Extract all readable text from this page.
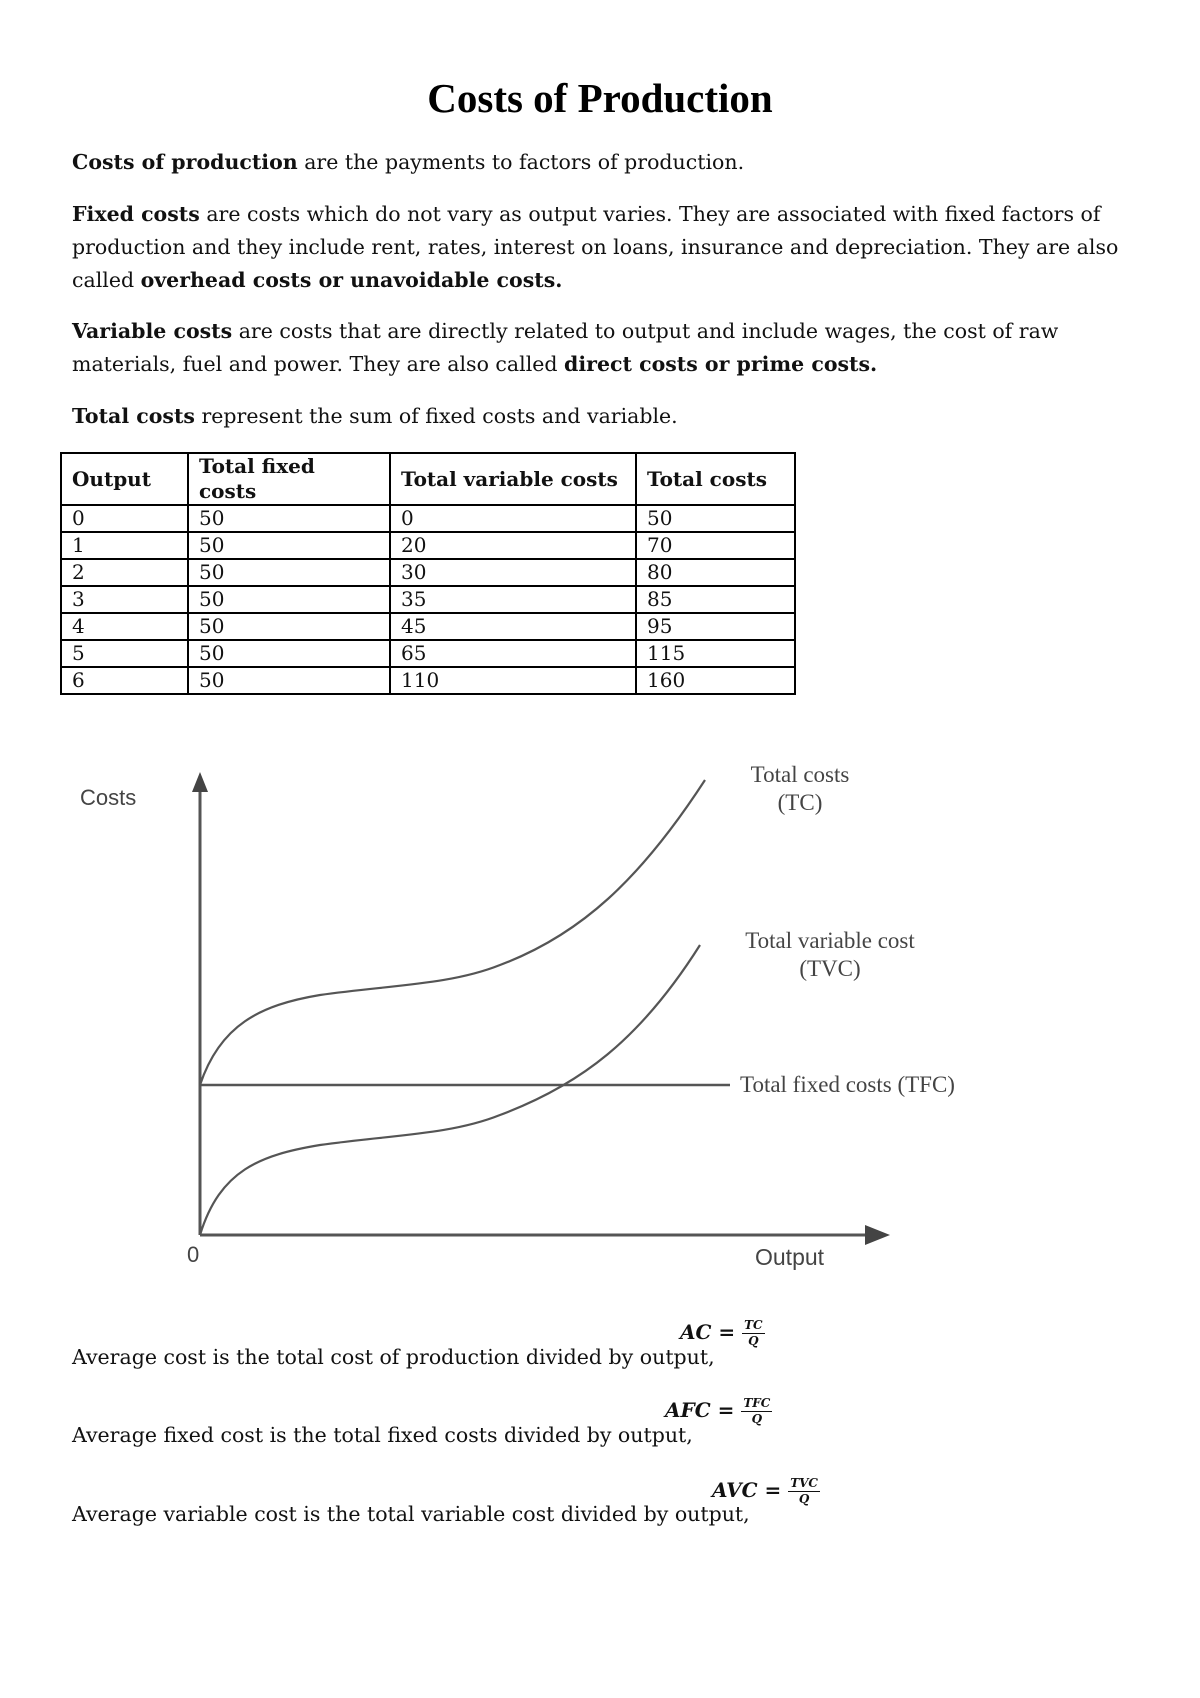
Costs of Production

Costs of production are the payments to factors of production.

Fixed costs are costs which do not vary as output varies. They are associated with fixed factors of production and they include rent, rates, interest on loans, insurance and depreciation. They are also called overhead costs or unavoidable costs.

Variable costs are costs that are directly related to output and include wages, the cost of raw materials, fuel and power. They are also called direct costs or prime costs.

Total costs represent the sum of fixed costs and variable.

Output	Total fixed costs	Total variable costs	Total costs
0	50	0	50
1	50	20	70
2	50	30	80
3	50	35	85
4	50	45	95
5	50	65	115
6	50	110	160
Costs
0	Output
Total costs
(TC)
Total variable cost
(TVC)
Total fixed costs (TFC)
AC = $\frac{TC}{Q}$
Average cost is the total cost of production divided by output,
AFC = $\frac{\text{TFC}}{Q}$
Average fixed cost is the total fixed costs divided by output,
AVC = $\frac{\text{TVC}}{Q}$
Average variable cost is the total variable cost divided by output,
